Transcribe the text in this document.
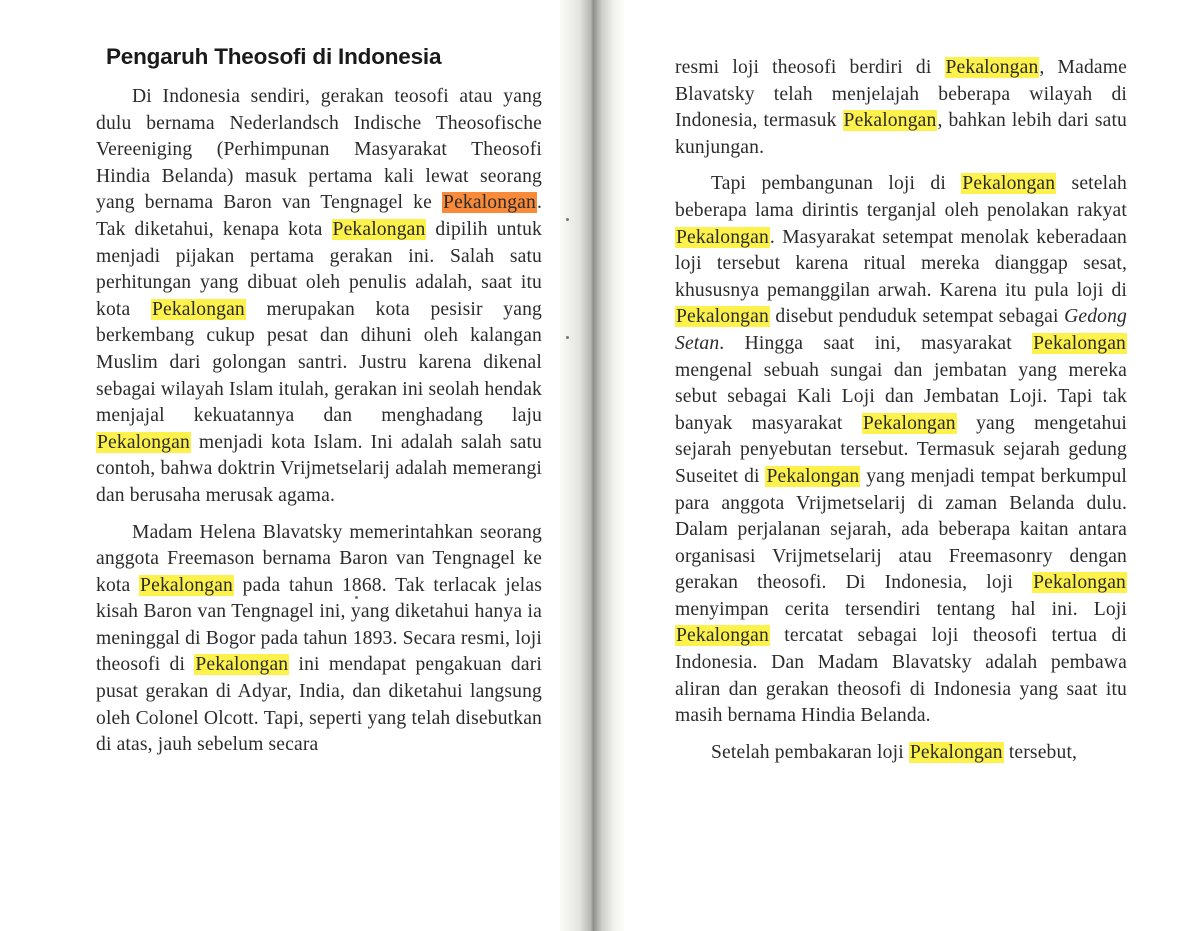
Pengaruh Theosofi di Indonesia

Di Indonesia sendiri, gerakan teosofi atau yang dulu bernama Nederlandsch Indische Theosofische Vereeniging (Perhimpunan Masyarakat Theosofi Hindia Belanda) masuk pertama kali lewat seorang yang bernama Baron van Tengnagel ke Pekalongan. Tak diketahui, kenapa kota Pekalongan dipilih untuk menjadi pijakan pertama gerakan ini. Salah satu perhitungan yang dibuat oleh penulis adalah, saat itu kota Pekalongan merupakan kota pesisir yang berkembang cukup pesat dan dihuni oleh kalangan Muslim dari golongan santri. Justru karena dikenal sebagai wilayah Islam itulah, gerakan ini seolah hendak menjajal kekuatannya dan menghadang laju Pekalongan menjadi kota Islam. Ini adalah salah satu contoh, bahwa doktrin Vrijmetselarij adalah memerangi dan berusaha merusak agama.

Madam Helena Blavatsky memerintahkan seorang anggota Freemason bernama Baron van Tengnagel ke kota Pekalongan pada tahun 1868. Tak terlacak jelas kisah Baron van Tengnagel ini, yang diketahui hanya ia meninggal di Bogor pada tahun 1893. Secara resmi, loji theosofi di Pekalongan ini mendapat pengakuan dari pusat gerakan di Adyar, India, dan diketahui langsung oleh Colonel Olcott. Tapi, seperti yang telah disebutkan di atas, jauh sebelum secara

resmi loji theosofi berdiri di Pekalongan, Madame Blavatsky telah menjelajah beberapa wilayah di Indonesia, termasuk Pekalongan, bahkan lebih dari satu kunjungan.

Tapi pembangunan loji di Pekalongan setelah beberapa lama dirintis terganjal oleh penolakan rakyat Pekalongan. Masyarakat setempat menolak keberadaan loji tersebut karena ritual mereka dianggap sesat, khususnya pemanggilan arwah. Karena itu pula loji di Pekalongan disebut penduduk setempat sebagai Gedong Setan. Hingga saat ini, masyarakat Pekalongan mengenal sebuah sungai dan jembatan yang mereka sebut sebagai Kali Loji dan Jembatan Loji. Tapi tak banyak masyarakat Pekalongan yang mengetahui sejarah penyebutan tersebut. Termasuk sejarah gedung Suseitet di Pekalongan yang menjadi tempat berkumpul para anggota Vrijmetselarij di zaman Belanda dulu. Dalam perjalanan sejarah, ada beberapa kaitan antara organisasi Vrijmetselarij atau Freemasonry dengan gerakan theosofi. Di Indonesia, loji Pekalongan menyimpan cerita tersendiri tentang hal ini. Loji Pekalongan tercatat sebagai loji theosofi tertua di Indonesia. Dan Madam Blavatsky adalah pembawa aliran dan gerakan theosofi di Indonesia yang saat itu masih bernama Hindia Belanda.

Setelah pembakaran loji Pekalongan tersebut,
